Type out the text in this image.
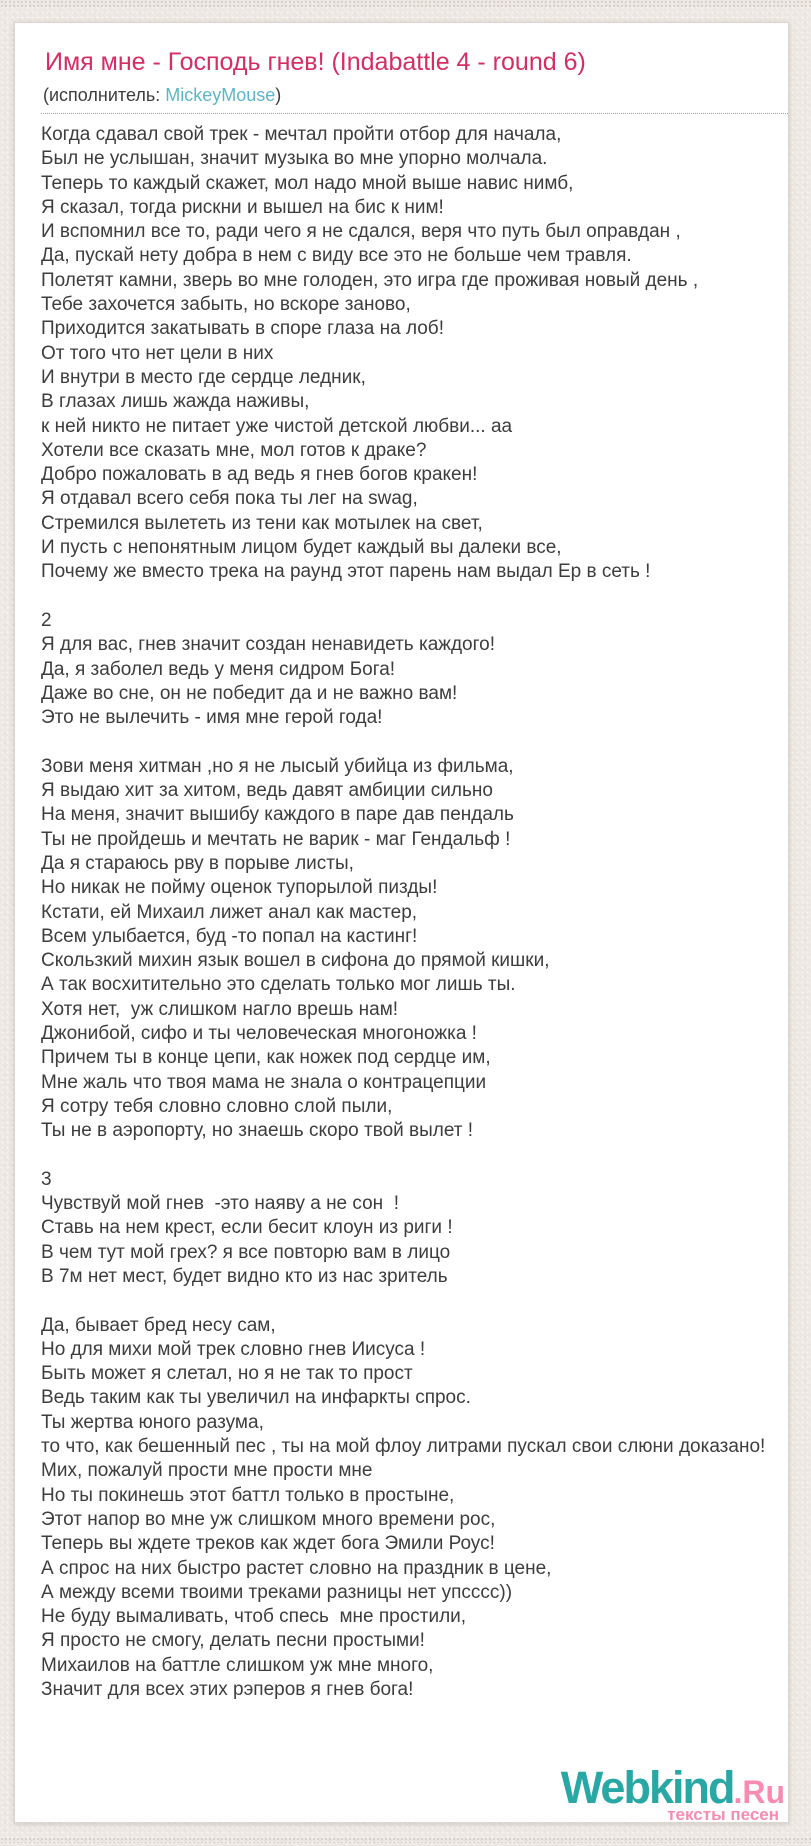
Имя мне - Господь гнев! (Indabattle 4 - round 6)
(исполнитель: MickeyMouse)
Когда сдавал свой трек - мечтал пройти отбор для начала,
Был не услышан, значит музыка во мне упорно молчала.
Теперь то каждый скажет, мол надо мной выше навис нимб,
Я сказал, тогда рискни и вышел на бис к ним!
И вспомнил все то, ради чего я не сдался, веря что путь был оправдан ,
Да, пускай нету добра в нем с виду все это не больше чем травля.
Полетят камни, зверь во мне голоден, это игра где проживая новый день ,
Тебе захочется забыть, но вскоре заново,
Приходится закатывать в споре глаза на лоб!
От того что нет цели в них
И внутри в место где сердце ледник,
В глазах лишь жажда наживы,
к ней никто не питает уже чистой детской любви... аа
Хотели все сказать мне, мол готов к драке?
Добро пожаловать в ад ведь я гнев богов кракен!
Я отдавал всего себя пока ты лег на swag,
Стремился вылететь из тени как мотылек на свет,
И пусть с непонятным лицом будет каждый вы далеки все,
Почему же вместо трека на раунд этот парень нам выдал Ер в сеть !

2
Я для вас, гнев значит создан ненавидеть каждого!
Да, я заболел ведь у меня сидром Бога!
Даже во сне, он не победит да и не важно вам!
Это не вылечить - имя мне герой года!

Зови меня хитман ,но я не лысый убийца из фильма,
Я выдаю хит за хитом, ведь давят амбиции сильно
На меня, значит вышибу каждого в паре дав пендаль
Ты не пройдешь и мечтать не варик - маг Гендальф !
Да я стараюсь рву в порыве листы,
Но никак не пойму оценок тупорылой пизды!
Кстати, ей Михаил лижет анал как мастер,
Всем улыбается, буд -то попал на кастинг!
Скользкий михин язык вошел в сифона до прямой кишки,
А так восхитительно это сделать только мог лишь ты.
Хотя нет,  уж слишком нагло врешь нам!
Джонибой, сифо и ты человеческая многоножка !
Причем ты в конце цепи, как ножек под сердце им,
Мне жаль что твоя мама не знала о контрацепции
Я сотру тебя словно словно слой пыли,
Ты не в аэропорту, но знаешь скоро твой вылет !

3
Чувствуй мой гнев  -это наяву а не сон  !
Ставь на нем крест, если бесит клоун из риги !
В чем тут мой грех? я все повторю вам в лицо
В 7м нет мест, будет видно кто из нас зритель

Да, бывает бред несу сам,
Но для михи мой трек словно гнев Иисуса !
Быть может я слетал, но я не так то прост
Ведь таким как ты увеличил на инфаркты спрос.
Ты жертва юного разума,
то что, как бешенный пес , ты на мой флоу литрами пускал свои слюни доказано!
Мих, пожалуй прости мне прости мне
Но ты покинешь этот баттл только в простыне,
Этот напор во мне уж слишком много времени рос,
Теперь вы ждете треков как ждет бога Эмили Роус!
А спрос на них быстро растет словно на праздник в цене,
А между всеми твоими треками разницы нет упсссс))
Не буду вымаливать, чтоб спесь  мне простили,
Я просто не смогу, делать песни простыми!
Михаилов на баттле слишком уж мне много,
Значит для всех этих рэперов я гнев бога!
Webkind.Ru
тексты песен
